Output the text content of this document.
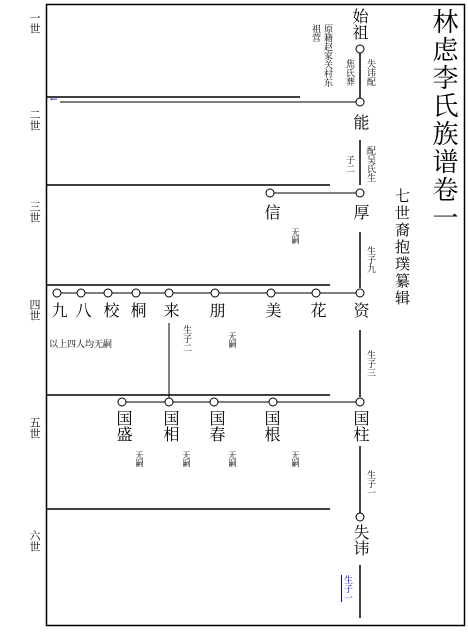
一世
二世
三世
四世
五世
六世
←	林虑李氏族谱卷一
七世裔抱璞纂辑
始祖
失讳配
焦氏葬
原籍赵家关村东祖营
能
配吴氏生
子二
厚
生子九
信
无嗣
资
生子三
花
美
朋
无嗣
来
生子二
桐
校
八
九
以上四人均无嗣
国柱
生子一
国根
无嗣
国春
无嗣
国相
无嗣
国盛
无嗣
失讳
生子一
